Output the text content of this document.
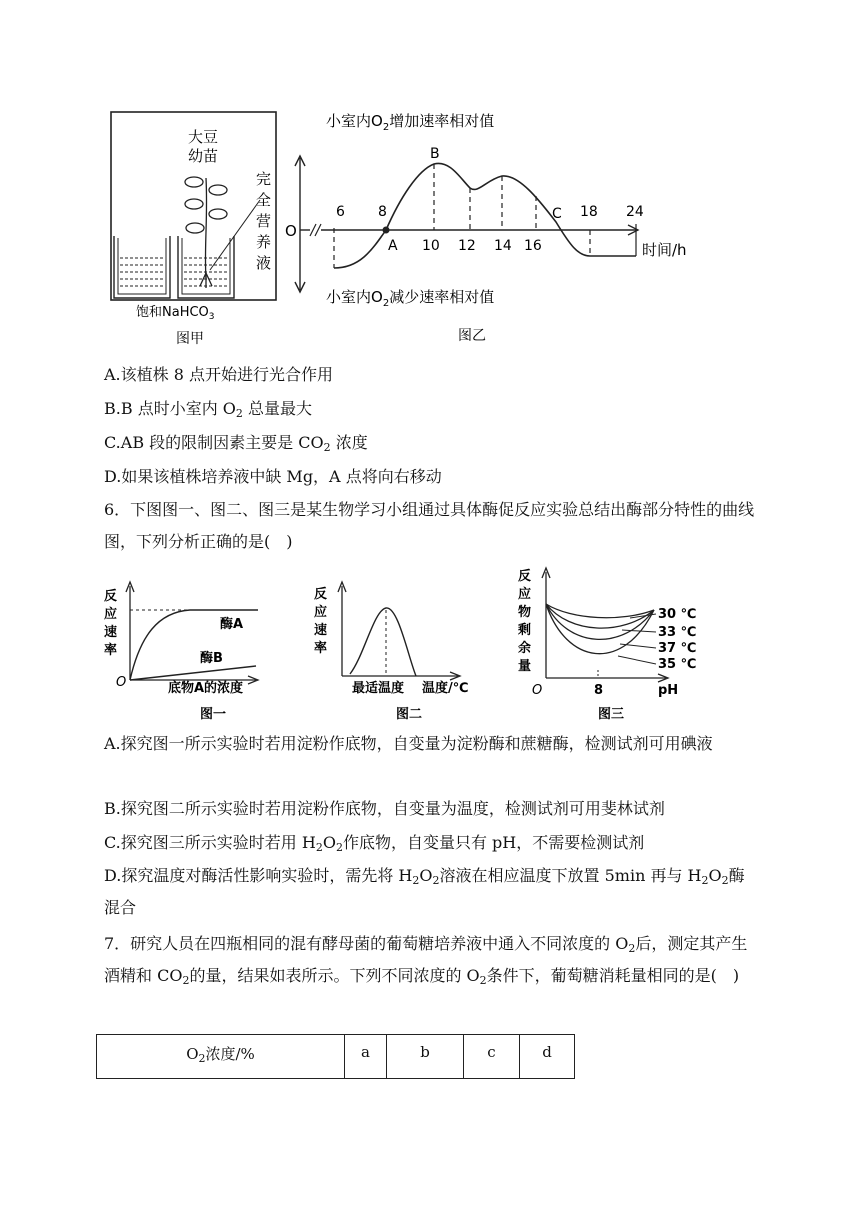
大豆
幼苗
完
全
营
养
液
饱和NaHCO$_3$
图甲
小室内$O_2$增加速率相对值
小室内$O_2$减少速率相对值
O
时间/h
6 8	18 24
10 12 14 16
A
B
C
图乙
A.该植株 8 点开始进行光合作用
B.B 点时小室内 $O_2$ 总量最大
C.AB 段的限制因素主要是 $CO_2$ 浓度
D.如果该植株培养液中缺 Mg，A 点将向右移动
6．下图图一、图二、图三是某生物学习小组通过具体酶促反应实验总结出酶部分特性的曲线图，下列分析正确的是(　)
反
应
速
率
酶A
酶B
O	底物A的浓度
图一
反
应
速
率
最适温度 温度/℃
图二
反
应
物
剩
余
量
30 ℃
33 ℃
37 ℃
35 ℃
O	8	pH
图三
A.探究图一所示实验时若用淀粉作底物，自变量为淀粉酶和蔗糖酶，检测试剂可用碘液
B.探究图二所示实验时若用淀粉作底物，自变量为温度，检测试剂可用斐林试剂
C.探究图三所示实验时若用 $H_2O_2$作底物，自变量只有 pH，不需要检测试剂
D.探究温度对酶活性影响实验时，需先将 $H_2O_2$溶液在相应温度下放置 5min 再与 $H_2O_2$酶混合
7．研究人员在四瓶相同的混有酵母菌的葡萄糖培养液中通入不同浓度的 $O_2$后，测定其产生酒精和 $CO_2$的量，结果如表所示。下列不同浓度的 $O_2$条件下，葡萄糖消耗量相同的是(　)
$O_2$浓度/%	a	b	c	d
